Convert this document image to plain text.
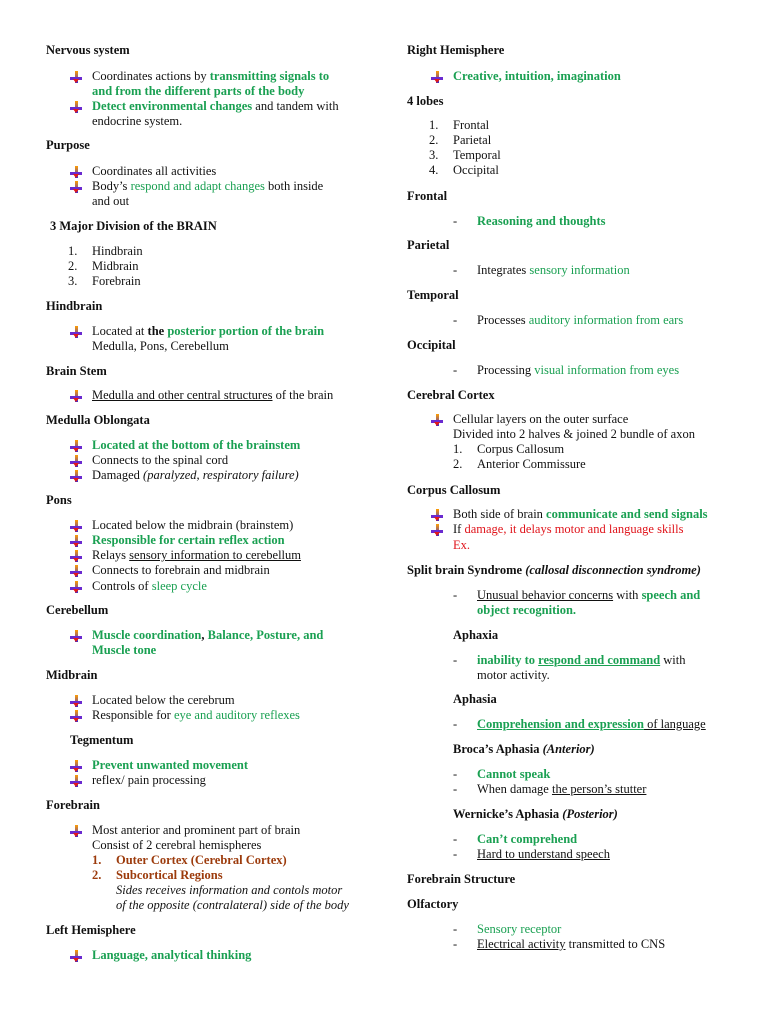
Nervous system
Coordinates actions by transmitting signals to
and from the different parts of the body
Detect environmental changes and tandem with
endocrine system.
Purpose
Coordinates all activities
Body’s respond and adapt changes both inside
and out
3 Major Division of the BRAIN
1. Hindbrain
2. Midbrain
3. Forebrain
Hindbrain
Located at the posterior portion of the brain
Medulla, Pons, Cerebellum
Brain Stem
Medulla and other central structures of the brain
Medulla Oblongata
Located at the bottom of the brainstem
Connects to the spinal cord
Damaged (paralyzed, respiratory failure)
Pons
Located below the midbrain (brainstem)
Responsible for certain reflex action
Relays sensory information to cerebellum
Connects to forebrain and midbrain
Controls of sleep cycle
Cerebellum
Muscle coordination, Balance, Posture, and
Muscle tone
Midbrain
Located below the cerebrum
Responsible for eye and auditory reflexes
Tegmentum
Prevent unwanted movement
reflex/ pain processing
Forebrain
Most anterior and prominent part of brain
Consist of 2 cerebral hemispheres
1. Outer Cortex (Cerebral Cortex)
2. Subcortical Regions
Sides receives information and contols motor
of the opposite (contralateral) side of the body
Left Hemisphere
Language, analytical thinking
Right Hemisphere
Creative, intuition, imagination
4 lobes
1. Frontal
2. Parietal
3. Temporal
4. Occipital
Frontal
- Reasoning and thoughts
Parietal
- Integrates sensory information
Temporal
- Processes auditory information from ears
Occipital
- Processing visual information from eyes
Cerebral Cortex
Cellular layers on the outer surface
Divided into 2 halves & joined 2 bundle of axon
1. Corpus Callosum
2. Anterior Commissure
Corpus Callosum
Both side of brain communicate and send signals
If damage, it delays motor and language skills
Ex.
Split brain Syndrome (callosal disconnection syndrome)
- Unusual behavior concerns with speech and
object recognition.
Aphaxia
- inability to respond and command with
motor activity.
Aphasia
- Comprehension and expression of language
Broca’s Aphasia (Anterior)
- Cannot speak
- When damage the person’s stutter
Wernicke’s Aphasia (Posterior)
- Can’t comprehend
- Hard to understand speech
Forebrain Structure
Olfactory
- Sensory receptor
- Electrical activity transmitted to CNS
